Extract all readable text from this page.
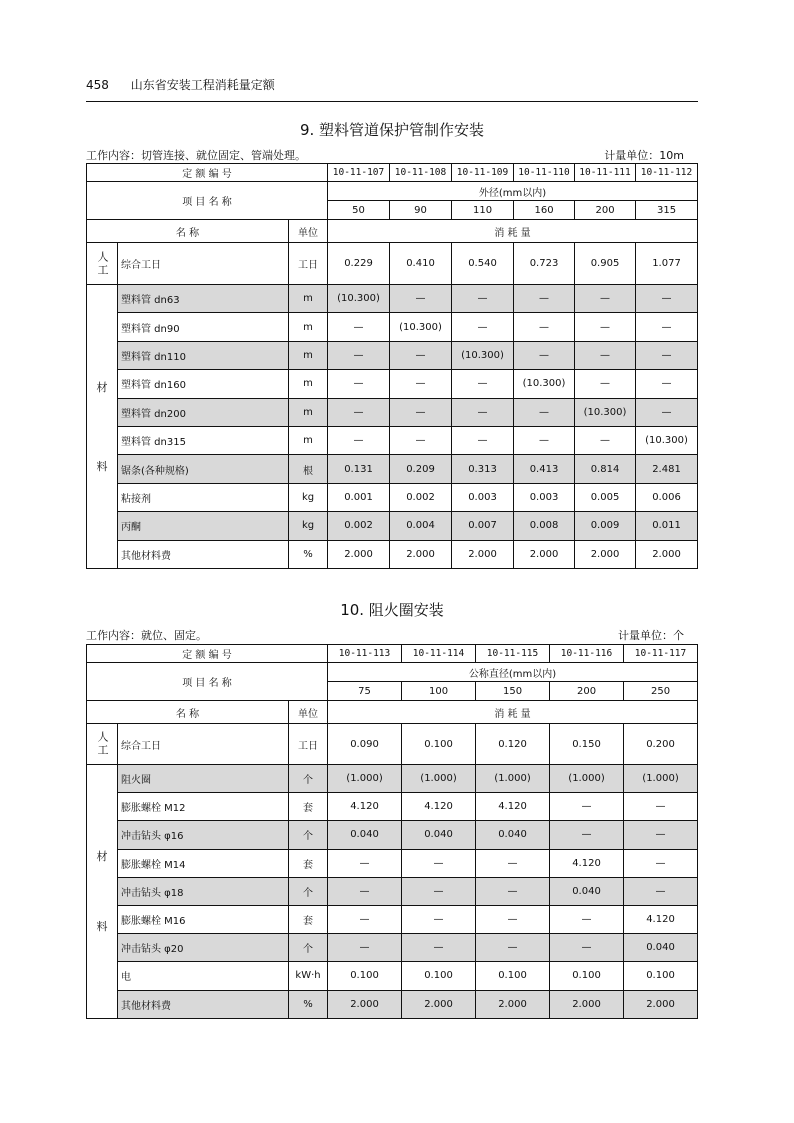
458 山东省安装工程消耗量定额
9. 塑料管道保护管制作安装
工作内容：切管连接、就位固定、管端处理。	计量单位：10m
定 额 编 号			10-11-107	10-11-108	10-11-109	10-11-110	10-11-111	10-11-112
项 目 名 称			外径(mm以内)					
			50	90	110	160	200	315
名 称		单位	消 耗 量					
人工	综合工日	工日	0.229	0.410	0.540	0.723	0.905	1.077

材
料	塑料管 dn63	m	(10.300)	—	—	—	—	—
	塑料管 dn90	m	—	(10.300)	—	—	—	—
	塑料管 dn110	m	—	—	(10.300)	—	—	—
	塑料管 dn160	m	—	—	—	(10.300)	—	—
	塑料管 dn200	m	—	—	—	—	(10.300)	—
	塑料管 dn315	m	—	—	—	—	—	(10.300)
	锯条(各种规格)	根	0.131	0.209	0.313	0.413	0.814	2.481
	粘接剂	kg	0.001	0.002	0.003	0.003	0.005	0.006
	丙酮	kg	0.002	0.004	0.007	0.008	0.009	0.011
	其他材料费	%	2.000	2.000	2.000	2.000	2.000	2.000
10. 阻火圈安装
工作内容：就位、固定。	计量单位：个
定 额 编 号			10-11-113	10-11-114	10-11-115	10-11-116	10-11-117
项 目 名 称			公称直径(mm以内)				
			75	100	150	200	250
名 称		单位	消 耗 量				
人工	综合工日	工日	0.090	0.100	0.120	0.150	0.200

材
料	阻火圈	个	(1.000)	(1.000)	(1.000)	(1.000)	(1.000)
	膨胀螺栓 M12	套	4.120	4.120	4.120	—	—
	冲击钻头 φ16	个	0.040	0.040	0.040	—	—
	膨胀螺栓 M14	套	—	—	—	4.120	—
	冲击钻头 φ18	个	—	—	—	0.040	—
	膨胀螺栓 M16	套	—	—	—	—	4.120
	冲击钻头 φ20	个	—	—	—	—	0.040
	电	kW·h	0.100	0.100	0.100	0.100	0.100
	其他材料费	%	2.000	2.000	2.000	2.000	2.000
